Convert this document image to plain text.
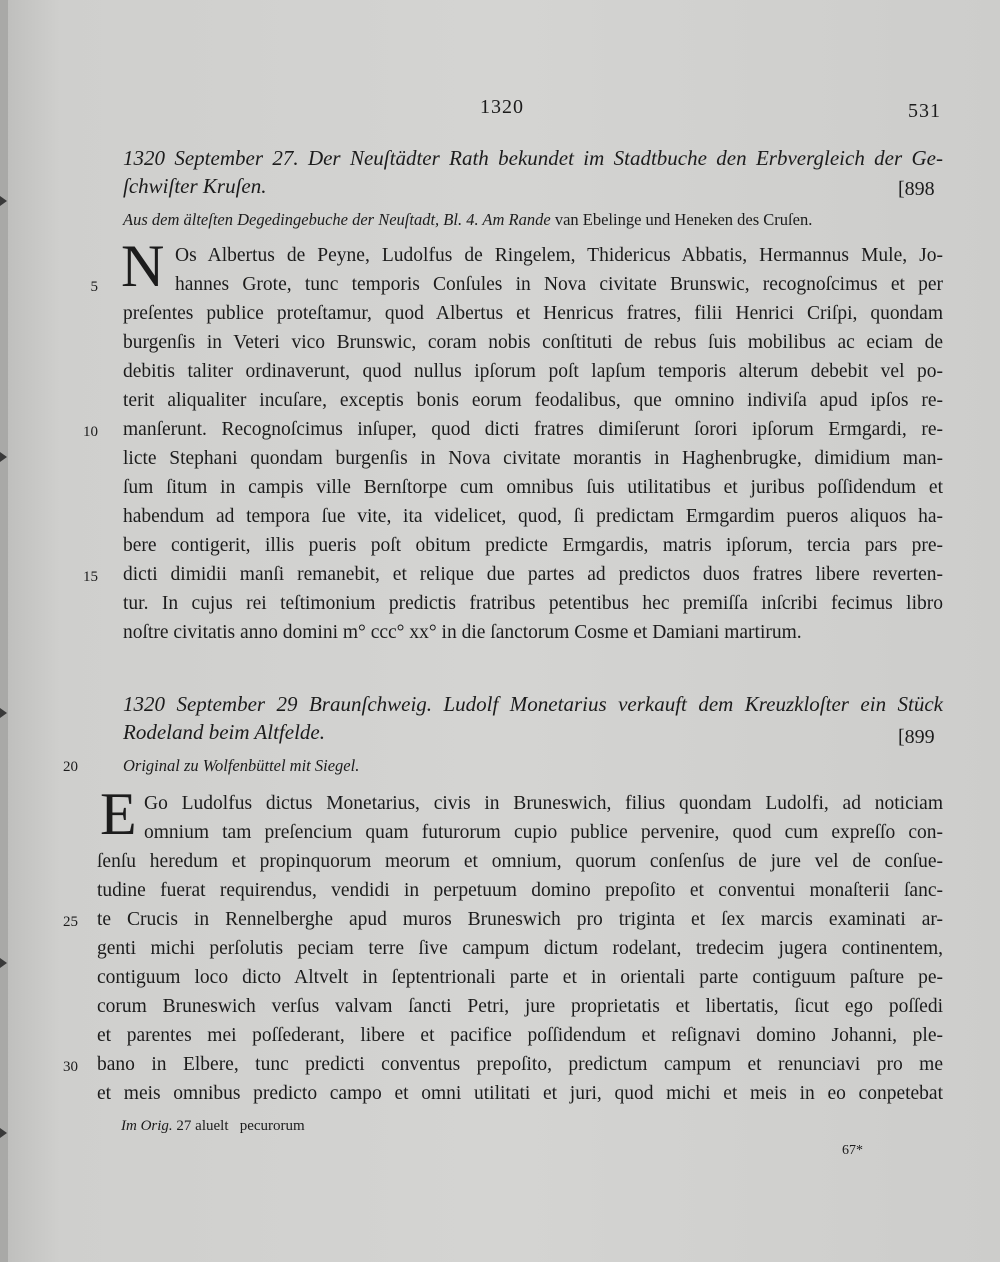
1320	531
1320 September 27. Der Neuſtädter Rath bekundet im Stadtbuche den Erbvergleich der Ge-
ſchwiſter Kruſen.	[898
Aus dem älteſten Degedingebuche der Neuſtadt, Bl. 4. Am Rande van Ebelinge und Heneken des Cruſen.
N Os Albertus de Peyne, Ludolfus de Ringelem, Thidericus Abbatis, Hermannus Mule, Jo-
hannes Grote, tunc temporis Conſules in Nova civitate Brunswic, recognoſcimus et per
preſentes publice proteſtamur, quod Albertus et Henricus fratres, filii Henrici Criſpi, quondam
burgenſis in Veteri vico Brunswic, coram nobis conſtituti de rebus ſuis mobilibus ac eciam de
debitis taliter ordinaverunt, quod nullus ipſorum poſt lapſum temporis alterum debebit vel po-
terit aliqualiter incuſare, exceptis bonis eorum feodalibus, que omnino indiviſa apud ipſos re-
manſerunt. Recognoſcimus inſuper, quod dicti fratres dimiſerunt ſorori ipſorum Ermgardi, re-
licte Stephani quondam burgenſis in Nova civitate morantis in Haghenbrugke, dimidium man-
ſum ſitum in campis ville Bernſtorpe cum omnibus ſuis utilitatibus et juribus poſſidendum et
habendum ad tempora ſue vite, ita videlicet, quod, ſi predictam Ermgardim pueros aliquos ha-
bere contigerit, illis pueris poſt obitum predicte Ermgardis, matris ipſorum, tercia pars pre-
dicti dimidii manſi remanebit, et relique due partes ad predictos duos fratres libere reverten-
tur. In cujus rei teſtimonium predictis fratribus petentibus hec premiſſa inſcribi fecimus libro
noſtre civitatis anno domini m° ccc° xx° in die ſanctorum Cosme et Damiani martirum.
1320 September 29 Braunſchweig. Ludolf Monetarius verkauft dem Kreuzkloſter ein Stück
Rodeland beim Altfelde.	[899
Original zu Wolfenbüttel mit Siegel.
E Go Ludolfus dictus Monetarius, civis in Bruneswich, filius quondam Ludolfi, ad noticiam
omnium tam preſencium quam futurorum cupio publice pervenire, quod cum expreſſo con-
ſenſu heredum et propinquorum meorum et omnium, quorum conſenſus de jure vel de conſue-
tudine fuerat requirendus, vendidi in perpetuum domino prepoſito et conventui monaſterii ſanc-
te Crucis in Rennelberghe apud muros Bruneswich pro triginta et ſex marcis examinati ar-
genti michi perſolutis peciam terre ſive campum dictum rodelant, tredecim jugera continentem,
contiguum loco dicto Altvelt in ſeptentrionali parte et in orientali parte contiguum paſture pe-
corum Bruneswich verſus valvam ſancti Petri, jure proprietatis et libertatis, ſicut ego poſſedi
et parentes mei poſſederant, libere et pacifice poſſidendum et reſignavi domino Johanni, ple-
bano in Elbere, tunc predicti conventus prepoſito, predictum campum et renunciavi pro me
et meis omnibus predicto campo et omni utilitati et juri, quod michi et meis in eo conpetebat
5
10
15
20
25
30
Im Orig. 27 aluelt   pecurorum
67*
